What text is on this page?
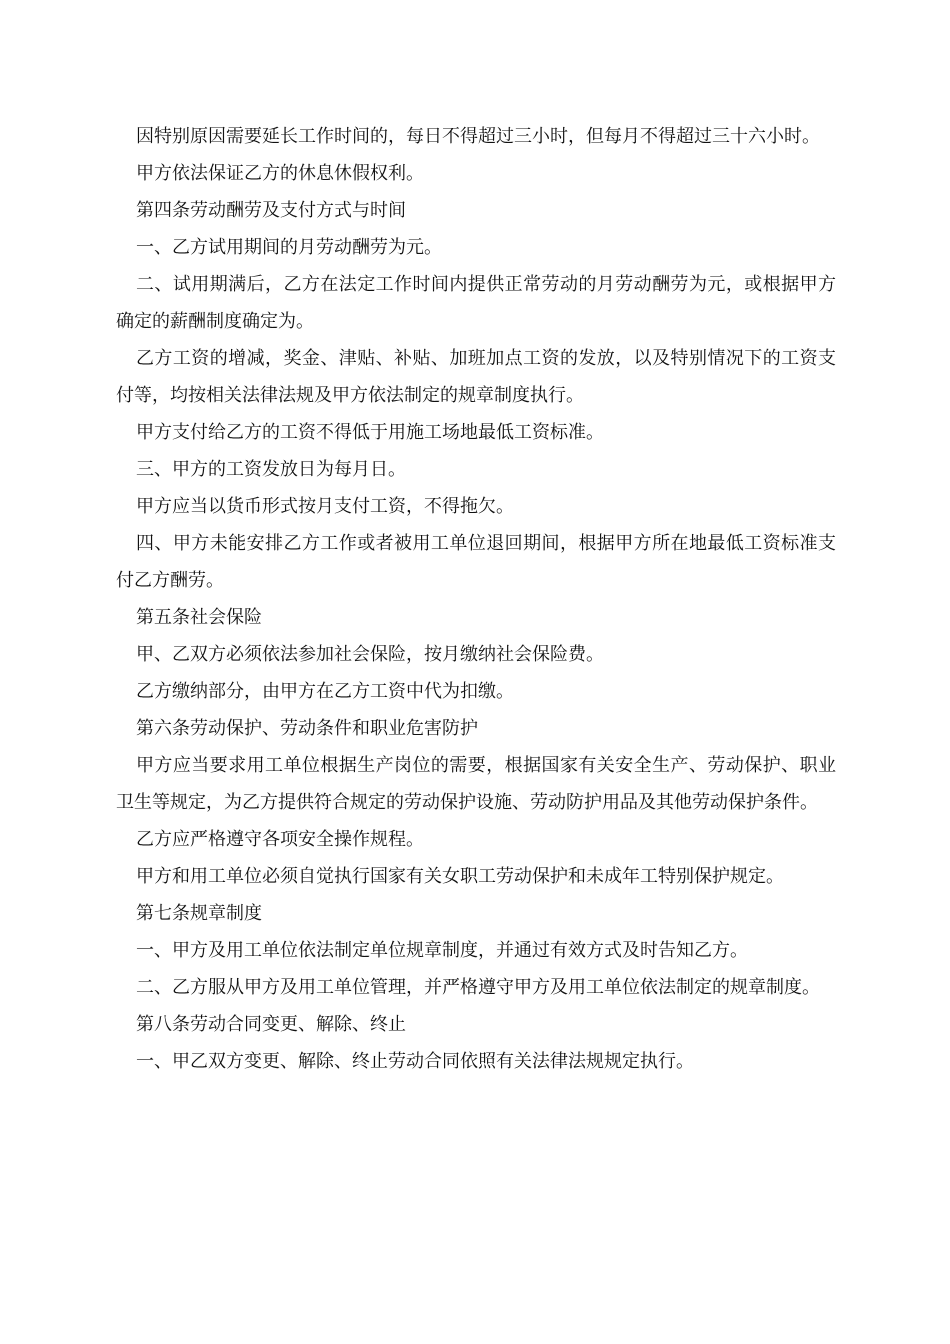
因特别原因需要延长工作时间的，每日不得超过三小时，但每月不得超过三十六小时。

甲方依法保证乙方的休息休假权利。

第四条劳动酬劳及支付方式与时间

一、乙方试用期间的月劳动酬劳为元。

二、试用期满后，乙方在法定工作时间内提供正常劳动的月劳动酬劳为元，或根据甲方确定的薪酬制度确定为。

乙方工资的增减，奖金、津贴、补贴、加班加点工资的发放，以及特别情况下的工资支付等，均按相关法律法规及甲方依法制定的规章制度执行。

甲方支付给乙方的工资不得低于用施工场地最低工资标准。

三、甲方的工资发放日为每月日。

甲方应当以货币形式按月支付工资，不得拖欠。

四、甲方未能安排乙方工作或者被用工单位退回期间，根据甲方所在地最低工资标准支付乙方酬劳。

第五条社会保险

甲、乙双方必须依法参加社会保险，按月缴纳社会保险费。

乙方缴纳部分，由甲方在乙方工资中代为扣缴。

第六条劳动保护、劳动条件和职业危害防护

甲方应当要求用工单位根据生产岗位的需要，根据国家有关安全生产、劳动保护、职业卫生等规定，为乙方提供符合规定的劳动保护设施、劳动防护用品及其他劳动保护条件。

乙方应严格遵守各项安全操作规程。

甲方和用工单位必须自觉执行国家有关女职工劳动保护和未成年工特别保护规定。

第七条规章制度

一、甲方及用工单位依法制定单位规章制度，并通过有效方式及时告知乙方。

二、乙方服从甲方及用工单位管理，并严格遵守甲方及用工单位依法制定的规章制度。

第八条劳动合同变更、解除、终止

一、甲乙双方变更、解除、终止劳动合同依照有关法律法规规定执行。
